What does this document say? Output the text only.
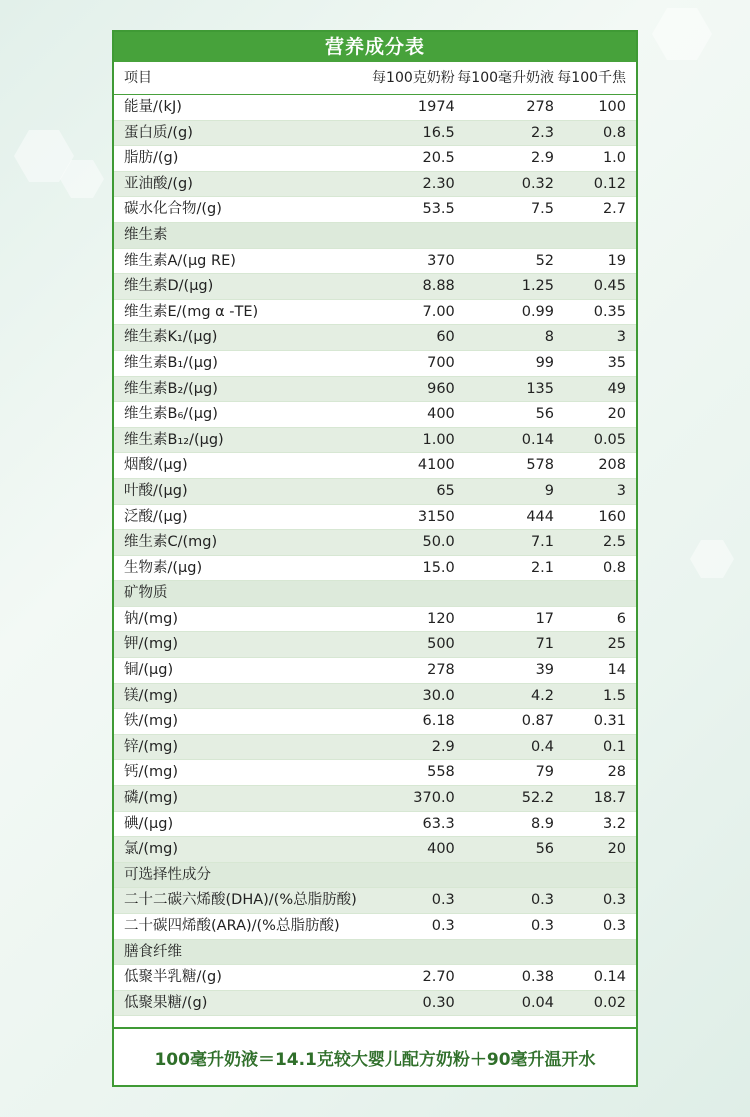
营养成分表
项目	每100克奶粉 每100毫升奶液 每100千焦
能量/(kJ)	1974	278	100
蛋白质/(g)	16.5	2.3	0.8
脂肪/(g)	20.5	2.9	1.0
亚油酸/(g)	2.30	0.32	0.12
碳水化合物/(g)	53.5	7.5	2.7
维生素
维生素A/(μg RE)	370	52	19
维生素D/(μg)	8.88	1.25	0.45
维生素E/(mg α -TE)	7.00	0.99	0.35
维生素K₁/(μg)	60	8	3
维生素B₁/(μg)	700	99	35
维生素B₂/(μg)	960	135	49
维生素B₆/(μg)	400	56	20
维生素B₁₂/(μg)	1.00	0.14	0.05
烟酸/(μg)	4100	578	208
叶酸/(μg)	65	9	3
泛酸/(μg)	3150	444	160
维生素C/(mg)	50.0	7.1	2.5
生物素/(μg)	15.0	2.1	0.8
矿物质
钠/(mg)	120	17	6
钾/(mg)	500	71	25
铜/(μg)	278	39	14
镁/(mg)	30.0	4.2	1.5
铁/(mg)	6.18	0.87	0.31
锌/(mg)	2.9	0.4	0.1
钙/(mg)	558	79	28
磷/(mg)	370.0	52.2	18.7
碘/(μg)	63.3	8.9	3.2
氯/(mg)	400	56	20
可选择性成分
二十二碳六烯酸(DHA)/(%总脂肪酸)	0.3	0.3	0.3
二十碳四烯酸(ARA)/(%总脂肪酸)	0.3	0.3	0.3
膳食纤维
低聚半乳糖/(g)	2.70	0.38	0.14
低聚果糖/(g)	0.30	0.04	0.02
100毫升奶液＝14.1克较大婴儿配方奶粉＋90毫升温开水
